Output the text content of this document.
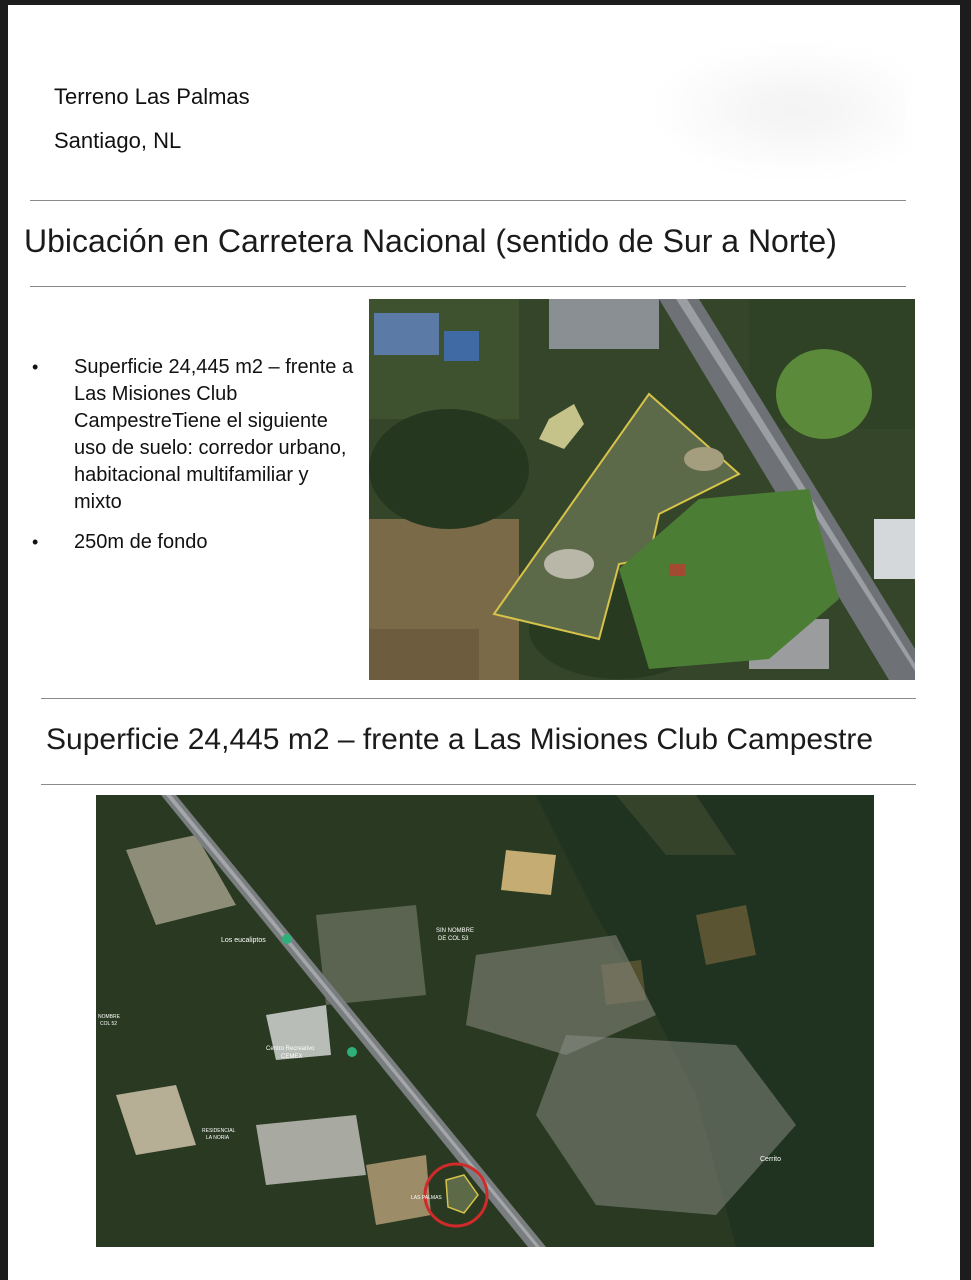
Terreno Las Palmas
Santiago, NL
Ubicación en Carretera Nacional (sentido de Sur a Norte)
• Superficie 24,445 m2 – frente a Las Misiones Club CampestreTiene el siguiente uso de suelo: corredor urbano, habitacional multifamiliar y mixto
• 250m de fondo
Superficie 24,445 m2 – frente a Las Misiones Club Campestre
Los eucaliptos
SIN NOMBRE
DE COL 53
NOMBRE
COL 52
Centro Recreativo
CEMEX
RESIDENCIAL
LA NORIA
LAS PALMAS
Cerrito
